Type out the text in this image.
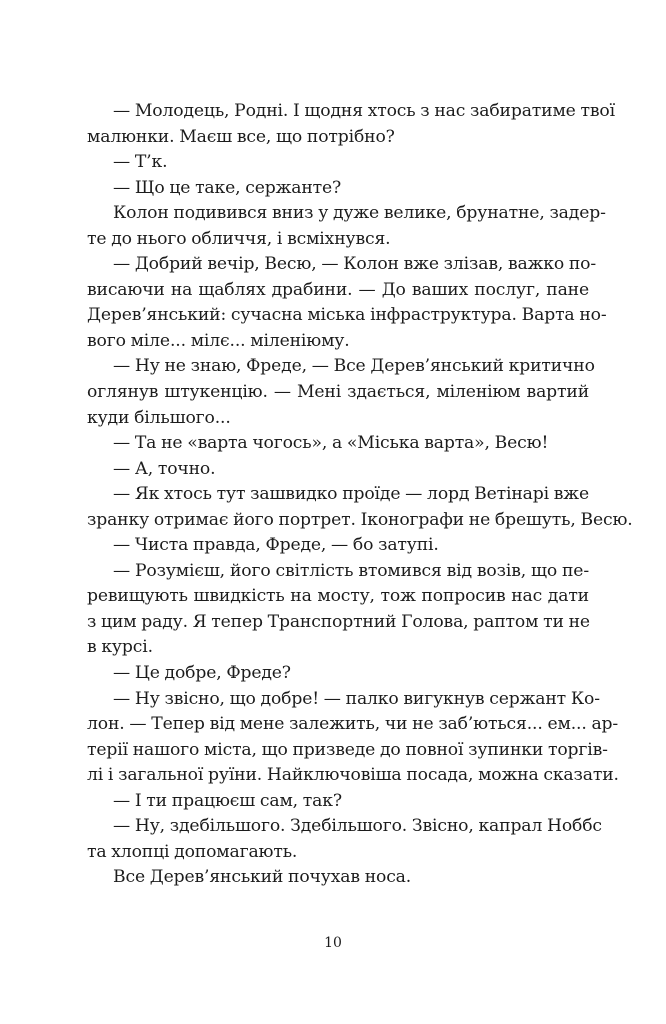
— Молодець, Родні. І щодня хтось з нас забиратиме твої
малюнки. Маєш все, що потрібно?
— Т’к.
— Що це таке, сержанте?
Колон подивився вниз у дуже велике, брунатне, задер-
те до нього обличчя, і всміхнувся.
— Добрий вечір, Весю, — Колон вже злізав, важко по-
висаючи на щаблях драбини. — До ваших послуг, пане
Дерев’янський: сучасна міська інфраструктура. Варта но-
вого міле... мілє... міленіюму.
— Ну не знаю, Фреде, — Все Дерев’янський критично
оглянув штукенцію. — Мені здається, міленіюм вартий
куди більшого...
— Та не «варта чогось», а «Міська варта», Весю!
— А, точно.
— Як хтось тут зашвидко проїде — лорд Ветінарі вже
зранку отримає його портрет. Іконографи не брешуть, Весю.
— Чиста правда, Фреде, — бо затупі.
— Розумієш, його світлість втомився від возів, що пе-
ревищують швидкість на мосту, тож попросив нас дати
з цим раду. Я тепер Транспортний Голова, раптом ти не
в курсі.
— Це добре, Фреде?
— Ну звісно, що добре! — палко вигукнув сержант Ко-
лон. — Тепер від мене залежить, чи не заб’ються... ем... ар-
терії нашого міста, що призведе до повної зупинки торгів-
лі і загальної руїни. Найключовіша посада, можна сказати.
— І ти працюєш сам, так?
— Ну, здебільшого. Здебільшого. Звісно, капрал Ноббс
та хлопці допомагають.
Все Дерев’янський почухав носа.
10
